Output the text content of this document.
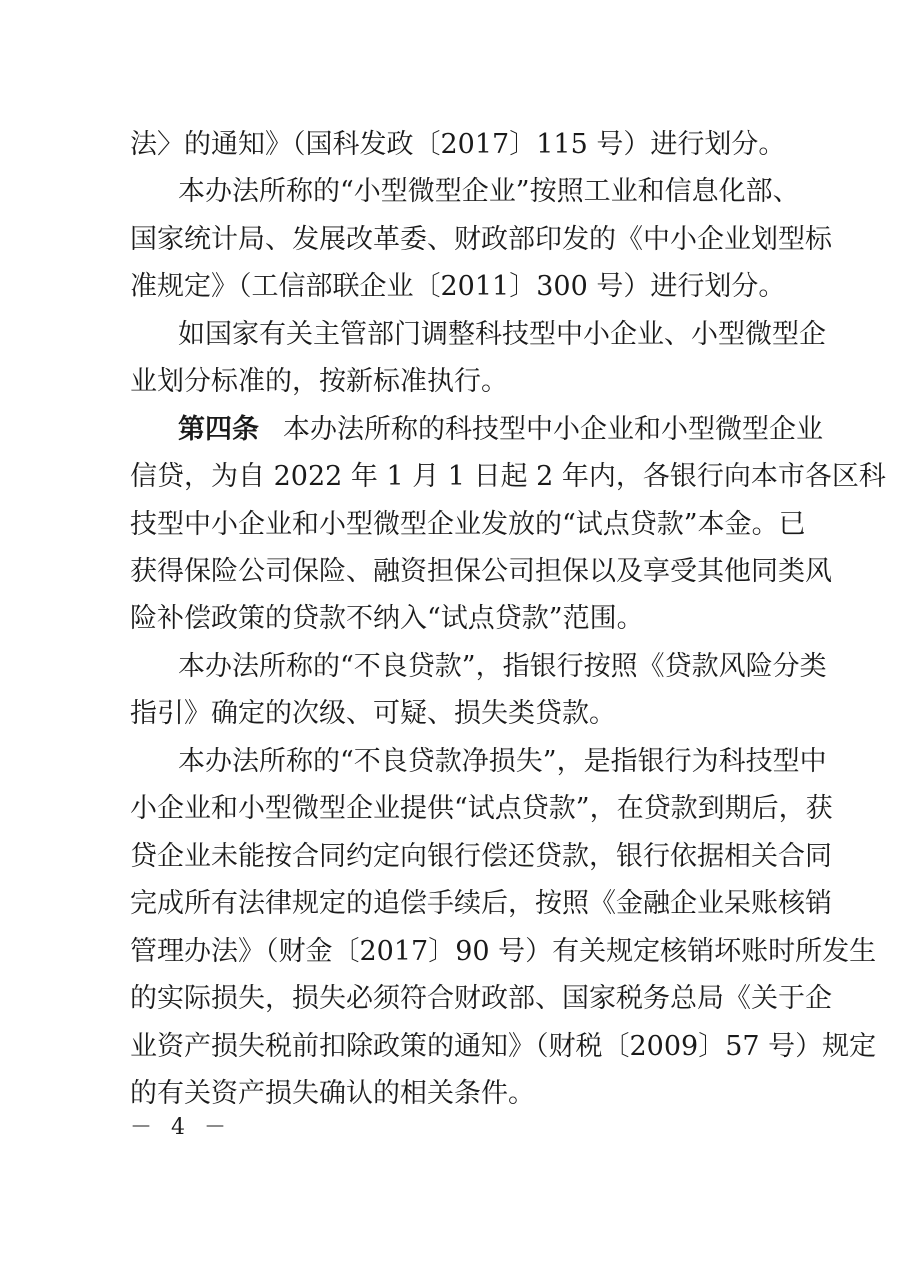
法〉的通知》（国科发政〔2017〕115 号）进行划分。
本办法所称的“小型微型企业”按照工业和信息化部、
国家统计局、发展改革委、财政部印发的《中小企业划型标
准规定》（工信部联企业〔2011〕300 号）进行划分。
如国家有关主管部门调整科技型中小企业、小型微型企
业划分标准的，按新标准执行。
第四条 本办法所称的科技型中小企业和小型微型企业
信贷，为自 2022 年 1 月 1 日起 2 年内，各银行向本市各区科
技型中小企业和小型微型企业发放的“试点贷款”本金。已
获得保险公司保险、融资担保公司担保以及享受其他同类风
险补偿政策的贷款不纳入“试点贷款”范围。
本办法所称的“不良贷款”，指银行按照《贷款风险分类
指引》确定的次级、可疑、损失类贷款。
本办法所称的“不良贷款净损失”，是指银行为科技型中
小企业和小型微型企业提供“试点贷款”，在贷款到期后，获
贷企业未能按合同约定向银行偿还贷款，银行依据相关合同
完成所有法律规定的追偿手续后，按照《金融企业呆账核销
管理办法》（财金〔2017〕90 号）有关规定核销坏账时所发生
的实际损失，损失必须符合财政部、国家税务总局《关于企
业资产损失税前扣除政策的通知》（财税〔2009〕57 号）规定
的有关资产损失确认的相关条件。
－ 4 －
